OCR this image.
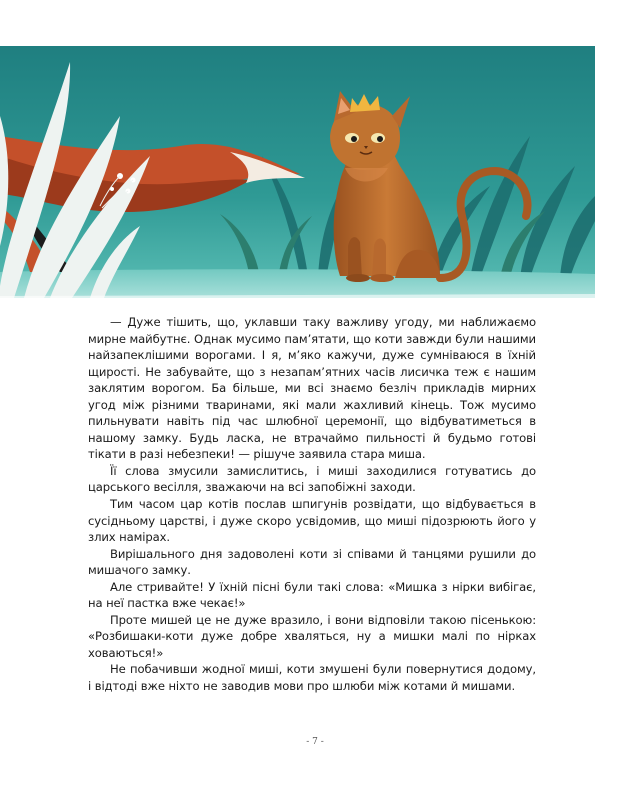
— Дуже тішить, що, уклавши таку важливу угоду, ми наближаємо мирне майбутнє. Однак мусимо пам’ятати, що коти завжди були нашими найзапеклішими ворогами. І я, м’яко кажучи, дуже сумніваюся в їхній щирості. Не забувайте, що з незапам’ятних часів лисичка теж є нашим заклятим ворогом. Ба більше, ми всі знаємо безліч прикладів мирних угод між різними тваринами, які мали жахливий кінець. Тож мусимо пильнувати навіть під час шлюбної церемонії, що відбуватиметься в нашому замку. Будь ласка, не втрачаймо пильності й будьмо готові тікати в разі небезпеки! — рішуче заявила стара миша.

Її слова змусили замислитись, і миші заходилися готуватись до царського весілля, зважаючи на всі запобіжні заходи.

Тим часом цар котів послав шпигунів розвідати, що відбувається в сусідньому царстві, і дуже скоро усвідомив, що миші підозрюють його у злих намірах.

Вирішального дня задоволені коти зі співами й танцями рушили до мишачого замку.

Але стривайте! У їхній пісні були такі слова: «Мишка з нірки вибігає, на неї пастка вже чекає!»

Проте мишей це не дуже вразило, і вони відповіли такою пісенькою: «Розбишаки-коти дуже добре хваляться, ну а мишки малі по нірках ховаються!»

Не побачивши жодної миші, коти змушені були повернутися додому, і відтоді вже ніхто не заводив мови про шлюби між котами й мишами.

- 7 -
